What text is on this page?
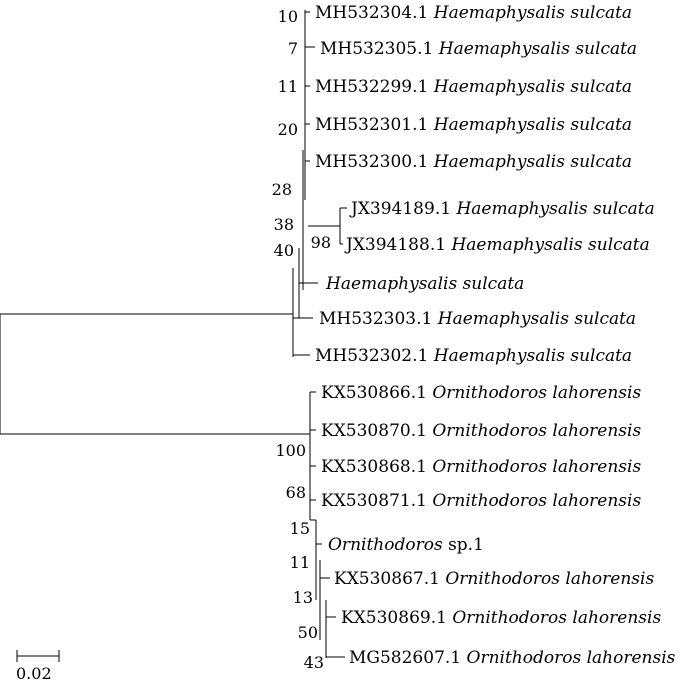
MH532304.1 Haemaphysalis sulcata
MH532305.1 Haemaphysalis sulcata
MH532299.1 Haemaphysalis sulcata
MH532301.1 Haemaphysalis sulcata
MH532300.1 Haemaphysalis sulcata
JX394189.1 Haemaphysalis sulcata
JX394188.1 Haemaphysalis sulcata
Haemaphysalis sulcata
MH532303.1 Haemaphysalis sulcata
MH532302.1 Haemaphysalis sulcata
KX530866.1 Ornithodoros lahorensis
KX530870.1 Ornithodoros lahorensis
KX530868.1 Ornithodoros lahorensis
KX530871.1 Ornithodoros lahorensis
Ornithodoros sp.1
KX530867.1 Ornithodoros lahorensis
KX530869.1 Ornithodoros lahorensis
MG582607.1 Ornithodoros lahorensis
10
7
11
20
28
38
40 98
100
68
15
11
13
50
43
0.02
